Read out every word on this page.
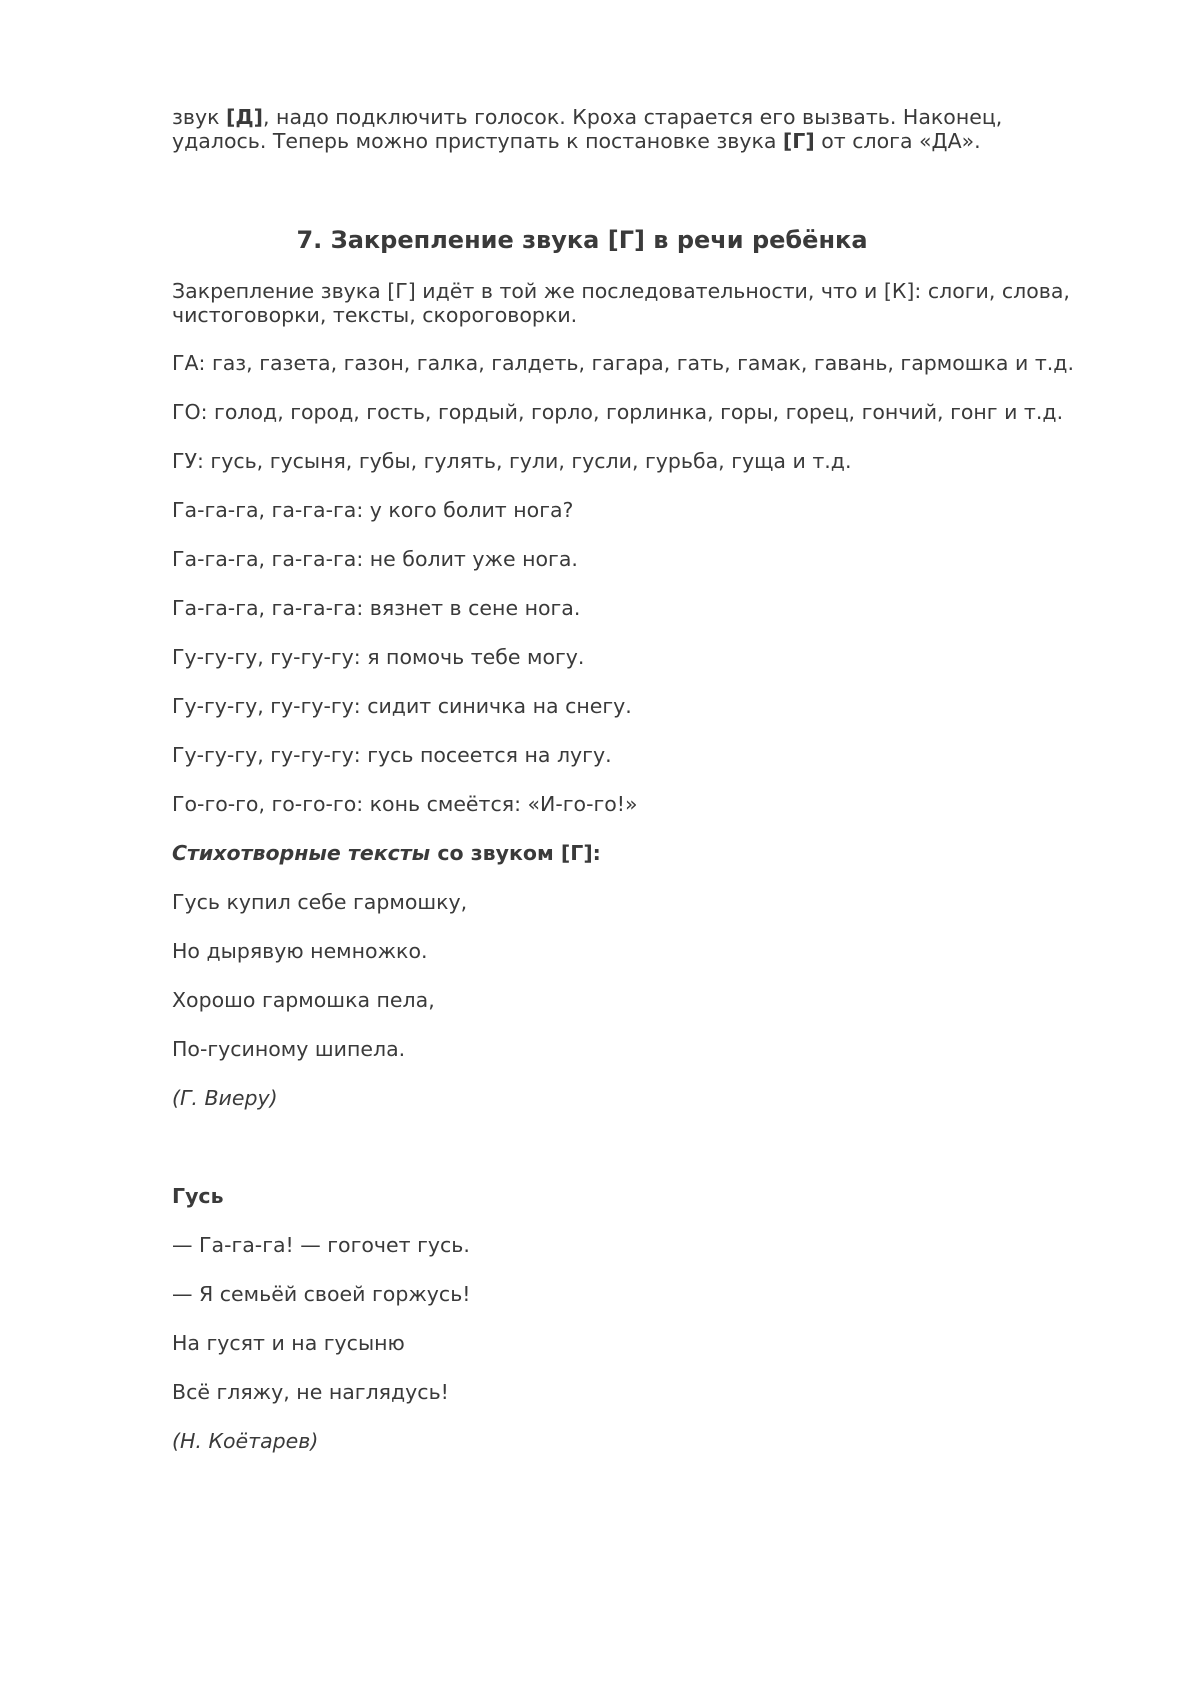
звук [Д], надо подключить голосок. Кроха старается его вызвать. Наконец,
удалось. Теперь можно приступать к постановке звука [Г] от слога «ДА».
7. Закрепление звука [Г] в речи ребёнка
Закрепление звука [Г] идёт в той же последовательности, что и [К]: слоги, слова,
чистоговорки, тексты, скороговорки.
ГА: газ, газета, газон, галка, галдеть, гагара, гать, гамак, гавань, гармошка и т.д.
ГО: голод, город, гость, гордый, горло, горлинка, горы, горец, гончий, гонг и т.д.
ГУ: гусь, гусыня, губы, гулять, гули, гусли, гурьба, гуща и т.д.
Га-га-га, га-га-га: у кого болит нога?
Га-га-га, га-га-га: не болит уже нога.
Га-га-га, га-га-га: вязнет в сене нога.
Гу-гу-гу, гу-гу-гу: я помочь тебе могу.
Гу-гу-гу, гу-гу-гу: сидит синичка на снегу.
Гу-гу-гу, гу-гу-гу: гусь посеется на лугу.
Го-го-го, го-го-го: конь смеётся: «И-го-го!»
Стихотворные тексты со звуком [Г]:
Гусь купил себе гармошку,
Но дырявую немножко.
Хорошо гармошка пела,
По-гусиному шипела.
(Г. Виеру)
Гусь
— Га-га-га! — гогочет гусь.
— Я семьёй своей горжусь!
На гусят и на гусыню
Всё гляжу, не наглядусь!
(Н. Коётарев)
